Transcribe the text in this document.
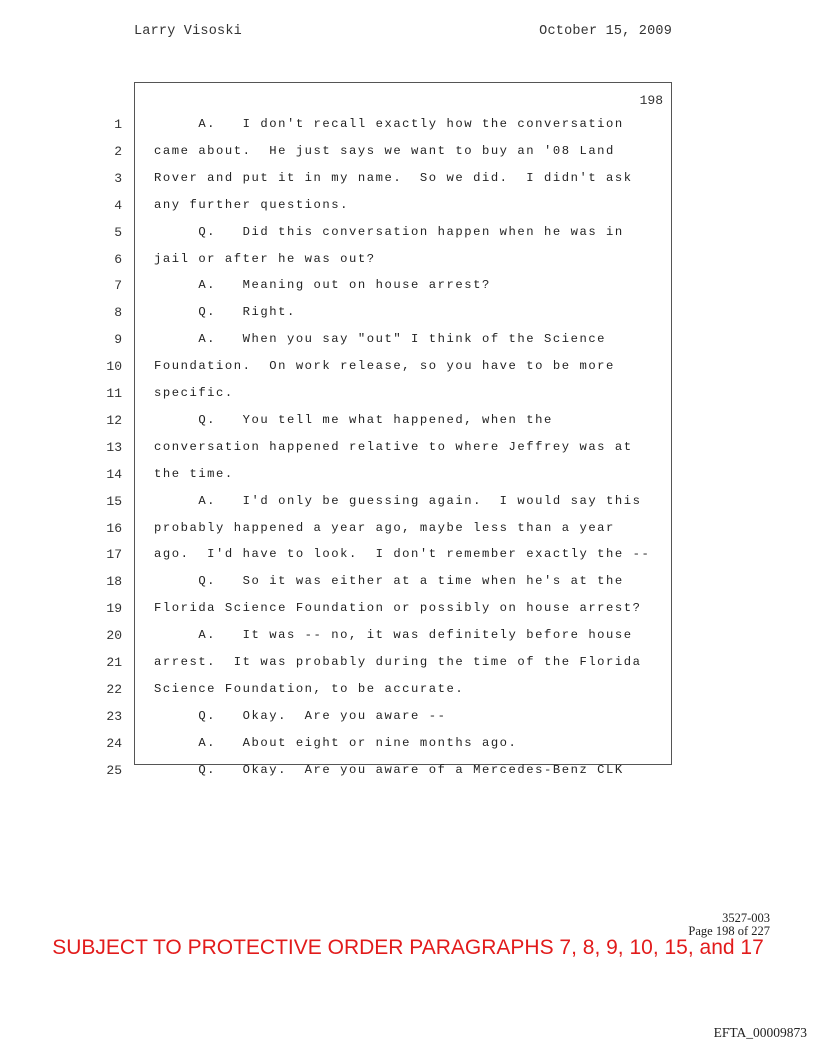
Larry Visoski	October 15, 2009
198
1	A.   I don't recall exactly how the conversation
2	came about.  He just says we want to buy an '08 Land
3	Rover and put it in my name.  So we did.  I didn't ask
4	any further questions.
5	Q.   Did this conversation happen when he was in
6	jail or after he was out?
7	A.   Meaning out on house arrest?
8	Q.   Right.
9	A.   When you say "out" I think of the Science
10	Foundation.  On work release, so you have to be more
11	specific.
12	Q.   You tell me what happened, when the
13	conversation happened relative to where Jeffrey was at
14	the time.
15	A.   I'd only be guessing again.  I would say this
16	probably happened a year ago, maybe less than a year
17	ago.  I'd have to look.  I don't remember exactly the --
18	Q.   So it was either at a time when he's at the
19	Florida Science Foundation or possibly on house arrest?
20	A.   It was -- no, it was definitely before house
21	arrest.  It was probably during the time of the Florida
22	Science Foundation, to be accurate.
23	Q.   Okay.  Are you aware --
24	A.   About eight or nine months ago.
25	Q.   Okay.  Are you aware of a Mercedes-Benz CLK
3527-003
Page 198 of 227
SUBJECT TO PROTECTIVE ORDER PARAGRAPHS 7, 8, 9, 10, 15, and 17
EFTA_00009873
